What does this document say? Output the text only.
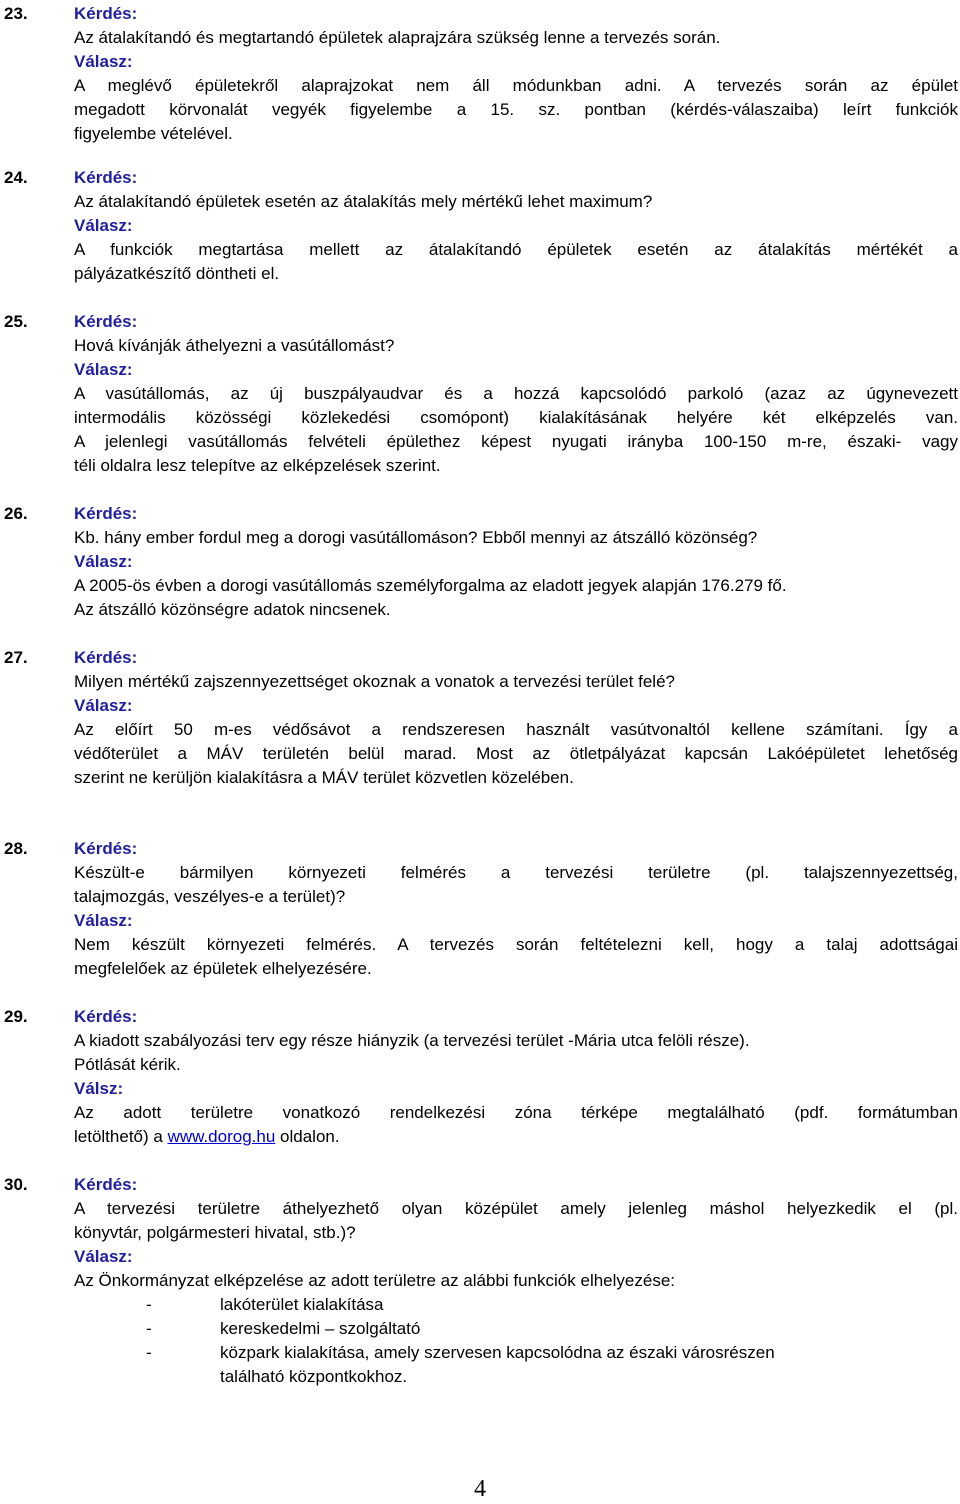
23.	Kérdés:
Az átalakítandó és megtartandó épületek alaprajzára szükség lenne a tervezés során.
Válasz:
A meglévő épületekről alaprajzokat nem áll módunkban adni. A tervezés során az épület
megadott körvonalát vegyék figyelembe a 15. sz. pontban (kérdés-válaszaiba) leírt funkciók
figyelembe vételével.
24.	Kérdés:
Az átalakítandó épületek esetén az átalakítás mely mértékű lehet maximum?
Válasz:
A funkciók megtartása mellett az átalakítandó épületek esetén az átalakítás mértékét a
pályázatkészítő döntheti el.
25.	Kérdés:
Hová kívánják áthelyezni a vasútállomást?
Válasz:
A vasútállomás, az új buszpályaudvar és a hozzá kapcsolódó parkoló (azaz az úgynevezett
intermodális közösségi közlekedési csomópont) kialakításának helyére két elképzelés van.
A jelenlegi vasútállomás felvételi épülethez képest nyugati irányba 100-150 m-re, északi- vagy
téli oldalra lesz telepítve az elképzelések szerint.
26.	Kérdés:
Kb. hány ember fordul meg a dorogi vasútállomáson? Ebből mennyi az átszálló közönség?
Válasz:
A 2005-ös évben a dorogi vasútállomás személyforgalma az eladott jegyek alapján 176.279 fő.
Az átszálló közönségre adatok nincsenek.
27.	Kérdés:
Milyen mértékű zajszennyezettséget okoznak a vonatok a tervezési terület felé?
Válasz:
Az előírt 50 m-es védősávot a rendszeresen használt vasútvonaltól kellene számítani. Így a
védőterület a MÁV területén belül marad. Most az ötletpályázat kapcsán Lakóépületet lehetőség
szerint ne kerüljön kialakításra a MÁV terület közvetlen közelében.
28.	Kérdés:
Készült-e bármilyen környezeti felmérés a tervezési területre (pl. talajszennyezettség,
talajmozgás, veszélyes-e a terület)?
Válasz:
Nem készült környezeti felmérés. A tervezés során feltételezni kell, hogy a talaj adottságai
megfelelőek az épületek elhelyezésére.
29.	Kérdés:
A kiadott szabályozási terv egy része hiányzik (a tervezési terület -Mária utca felöli része).
Pótlását kérik.
Válsz:
Az adott területre vonatkozó rendelkezési zóna térképe megtalálható (pdf. formátumban
letölthető) a www.dorog.hu oldalon.
30.	Kérdés:
A tervezési területre áthelyezhető olyan középület amely jelenleg máshol helyezkedik el (pl.
könyvtár, polgármesteri hivatal, stb.)?
Válasz:
Az Önkormányzat elképzelése az adott területre az alábbi funkciók elhelyezése:
-	lakóterület kialakítása
-	kereskedelmi – szolgáltató
-	közpark kialakítása, amely szervesen kapcsolódna az északi városrészen
található központkokhoz.
4
